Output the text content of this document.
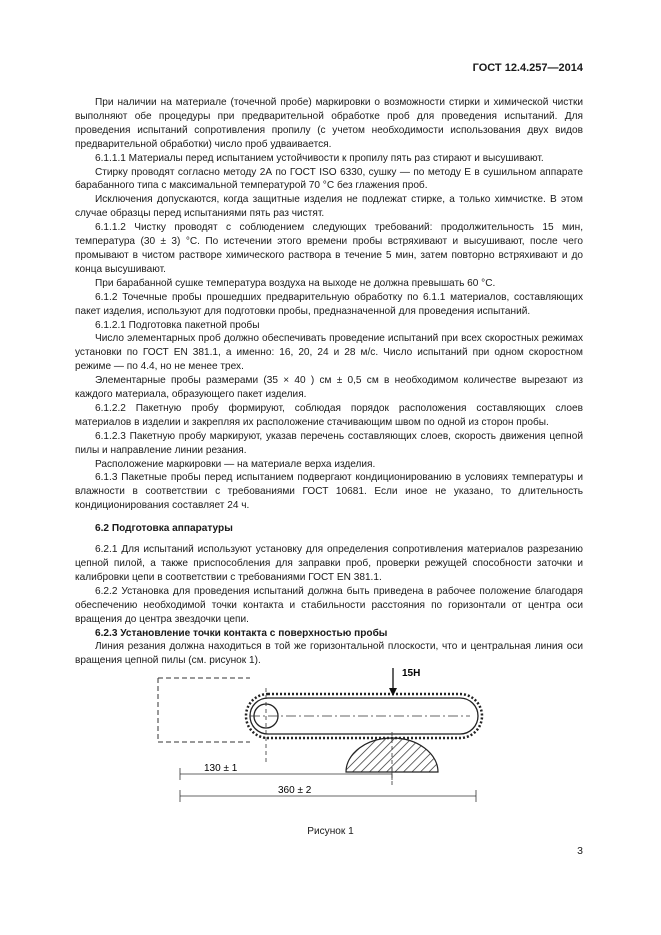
ГОСТ 12.4.257—2014

При наличии на материале (точечной пробе) маркировки о возможности стирки и химической чистки выполняют обе процедуры при предварительной обработке проб для проведения испытаний. Для проведения испытаний сопротивления пропилу (с учетом необходимости использования двух видов предварительной обработки) число проб удваивается.

6.1.1.1 Материалы перед испытанием устойчивости к пропилу пять раз стирают и высушивают.

Стирку проводят согласно методу 2А по ГОСТ ISO 6330, сушку — по методу Е в сушильном аппарате барабанного типа с максимальной температурой 70 °С без глажения проб.

Исключения допускаются, когда защитные изделия не подлежат стирке, а только химчистке. В этом случае образцы перед испытаниями пять раз чистят.

6.1.1.2 Чистку проводят с соблюдением следующих требований: продолжительность 15 мин, температура (30 ± 3) °С. По истечении этого времени пробы встряхивают и высушивают, после чего промывают в чистом растворе химического раствора в течение 5 мин, затем повторно встряхивают и до конца высушивают.

При барабанной сушке температура воздуха на выходе не должна превышать 60 °С.

6.1.2 Точечные пробы прошедших предварительную обработку по 6.1.1 материалов, составляющих пакет изделия, используют для подготовки пробы, предназначенной для проведения испытаний.

6.1.2.1 Подготовка пакетной пробы

Число элементарных проб должно обеспечивать проведение испытаний при всех скоростных режимах установки по ГОСТ EN 381.1, а именно: 16, 20, 24 и 28 м/с. Число испытаний при одном скоростном режиме — по 4.4, но не менее трех.

Элементарные пробы размерами (35 × 40 ) см ± 0,5 см в необходимом количестве вырезают из каждого материала, образующего пакет изделия.

6.1.2.2 Пакетную пробу формируют, соблюдая порядок расположения составляющих слоев материалов в изделии и закрепляя их расположение стачивающим швом по одной из сторон пробы.

6.1.2.3 Пакетную пробу маркируют, указав перечень составляющих слоев, скорость движения цепной пилы и направление линии резания.

Расположение маркировки — на материале верха изделия.

6.1.3 Пакетные пробы перед испытанием подвергают кондиционированию в условиях температуры и влажности в соответствии с требованиями ГОСТ 10681. Если иное не указано, то длительность кондиционирования составляет 24 ч.

6.2 Подготовка аппаратуры

6.2.1 Для испытаний используют установку для определения сопротивления материалов разрезанию цепной пилой, а также приспособления для заправки проб, проверки режущей способности заточки и калибровки цепи в соответствии с требованиями ГОСТ EN 381.1.

6.2.2 Установка для проведения испытаний должна быть приведена в рабочее положение благодаря обеспечению необходимой точки контакта и стабильности расстояния по горизонтали от центра оси вращения до центра звездочки цепи.

6.2.3 Установление точки контакта с поверхностью пробы

Линия резания должна находиться в той же горизонтальной плоскости, что и центральная линия оси вращения цепной пилы (см. рисунок 1).

15Н
130 ± 1
360 ± 2
Рисунок 1
3
